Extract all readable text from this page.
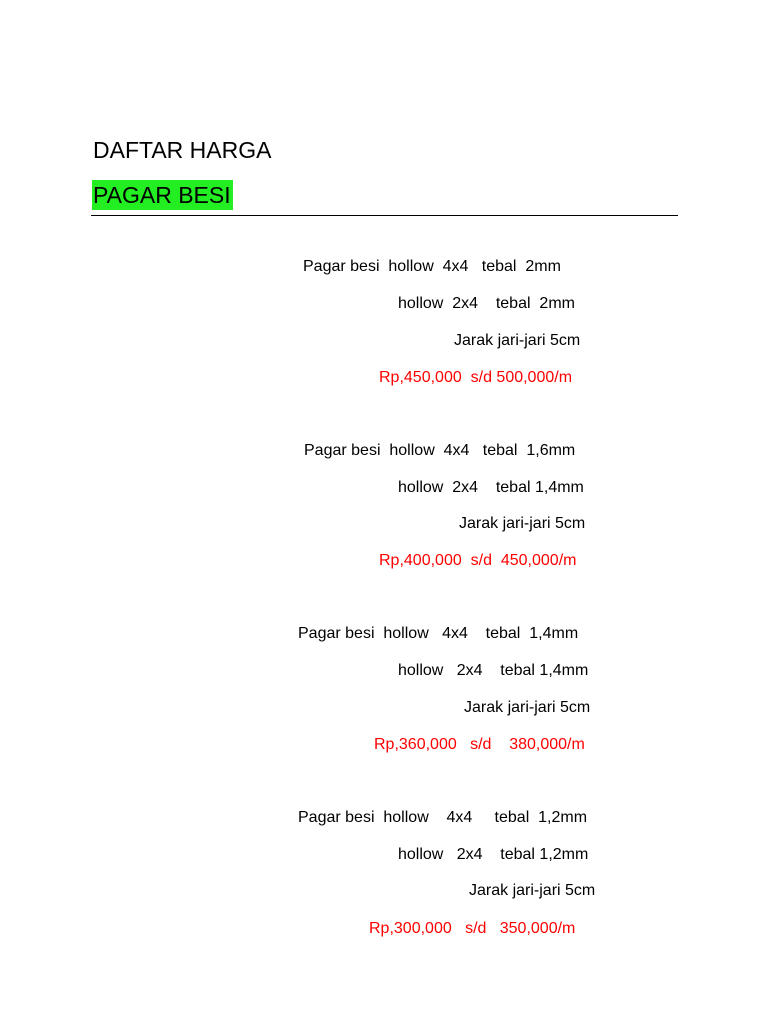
DAFTAR HARGA
PAGAR BESI
Pagar besi  hollow  4x4   tebal  2mm
hollow  2x4    tebal  2mm
Jarak jari-jari 5cm
Rp,450,000  s/d 500,000/m
Pagar besi  hollow  4x4   tebal  1,6mm
hollow  2x4    tebal 1,4mm
Jarak jari-jari 5cm
Rp,400,000  s/d  450,000/m
Pagar besi  hollow   4x4    tebal  1,4mm
hollow   2x4    tebal 1,4mm
Jarak jari-jari 5cm
Rp,360,000   s/d    380,000/m
Pagar besi  hollow    4x4     tebal  1,2mm
hollow   2x4    tebal 1,2mm
Jarak jari-jari 5cm
Rp,300,000   s/d   350,000/m
